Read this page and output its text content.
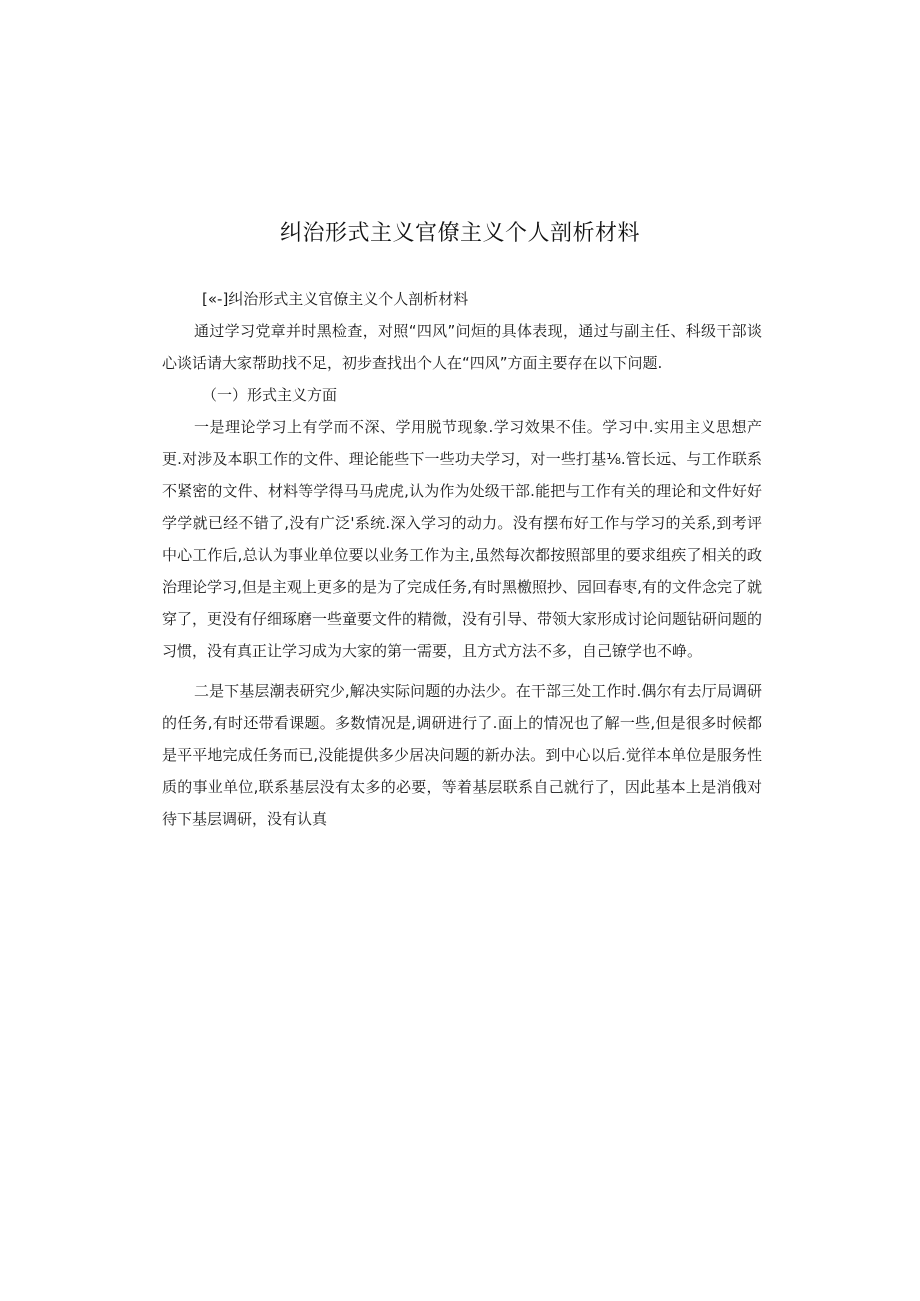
纠治形式主义官僚主义个人剖析材料

[«-]纠治形式主义官僚主义个人剖析材料

通过学习党章并时黑检查，对照“四风”问烜的具体表现，通过与副主任、科级干部谈心谈话请大家帮助找不足，初步查找出个人在“四风”方面主要存在以下问题.

（一）形式主义方面

一是理论学习上有学而不深、学用脱节现象.学习效果不佳。学习中.实用主义思想产更.对涉及本职工作的文件、理论能些下一些功夫学习，对一些打基⅛.管长远、与工作联系不紧密的文件、材料等学得马马虎虎,认为作为处级干部.能把与工作有关的理论和文件好好学学就已经不错了,没有广泛'系统.深入学习的动力。没有摆布好工作与学习的关系,到考评中心工作后,总认为事业单位要以业务工作为主,虽然每次都按照部里的要求组疾了相关的政治理论学习,但是主观上更多的是为了完成任务,有时黑檄照抄、园回春枣,有的文件念完了就穿了，更没有仔细琢磨一些童要文件的精微，没有引导、带领大家形成讨论问题钻研问题的习惯，没有真正让学习成为大家的第一需要，且方式方法不多，自己镣学也不峥。

二是下基层潮表研究少,解决实际问题的办法少。在干部三处工作时.偶尔有去厅局调研的任务,有时还带看课题。多数情况是,调研进行了.面上的情况也了解一些,但是很多时候都是平平地完成任务而已,没能提供多少居决问题的新办法。到中心以后.觉徉本单位是服务性质的事业单位,联系基层没有太多的必要，等着基层联系自己就行了，因此基本上是消俄对待下基层调研，没有认真
